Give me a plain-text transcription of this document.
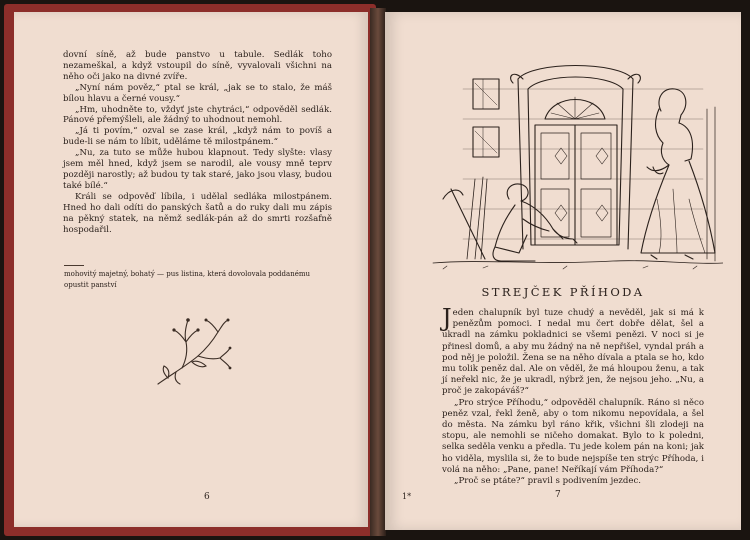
dovní síně, až bude panstvo u tabule. Sedlák toho nezameškal, a když vstoupil do síně, vyvalovali všichni na něho oči jako na divné zvíře.

„Nyní nám pověz,“ ptal se král, „jak se to stalo, že máš bílou hlavu a černé vousy.“

„Hm, uhodněte to, vždyť jste chytráci,“ odpověděl sedlák. Pánové přemýšleli, ale žádný to uhodnout nemohl.

„Já ti povím,“ ozval se zase král, „když nám to povíš a bude-li se nám to líbit, uděláme tě milostpánem.“

„Nu, za tuto se může hubou klapnout. Tedy slyšte: vlasy jsem měl hned, když jsem se narodil, ale vousy mně teprv později narostly; až budou ty tak staré, jako jsou vlasy, budou také bílé.“

Králi se odpověď líbila, i udělal sedláka milostpánem. Hned ho dali odíti do panských šatů a do ruky dali mu zápis na pěkný statek, na němž sedlák-pán až do smrti rozšafně hospodařil.

mohovitý majetný, bohatý — pus listina, která dovolovala poddanému opustit panství
6
STREJČEK PŘÍHODA

Jeden chalupník byl tuze chudý a nevěděl, jak si má k penězům pomoci. I nedal mu čert dobře dělat, šel a ukradl na zámku pokladnici se všemi penězi. V noci si je přinesl domů, a aby mu žádný na ně nepřišel, vyndal práh a pod něj je položil. Žena se na něho dívala a ptala se ho, kdo mu tolik peněz dal. Ale on věděl, že má hloupou ženu, a tak jí neřekl nic, že je ukradl, nýbrž jen, že nejsou jeho. „Nu, a proč je zakopáváš?“

„Pro strýce Příhodu,“ odpověděl chalupník. Ráno si něco peněz vzal, řekl ženě, aby o tom nikomu nepovídala, a šel do města. Na zámku byl ráno křik, všichni šli zlodeji na stopu, ale nemohli se ničeho domakat. Bylo to k poledni, selka seděla venku a předla. Tu jede kolem pán na koni; jak ho viděla, myslila si, že to bude nejspíše ten strýc Příhoda, i volá na něho: „Pane, pane! Neříkají vám Příhoda?“

„Proč se ptáte?“ pravil s podivením jezdec.

1*	7
